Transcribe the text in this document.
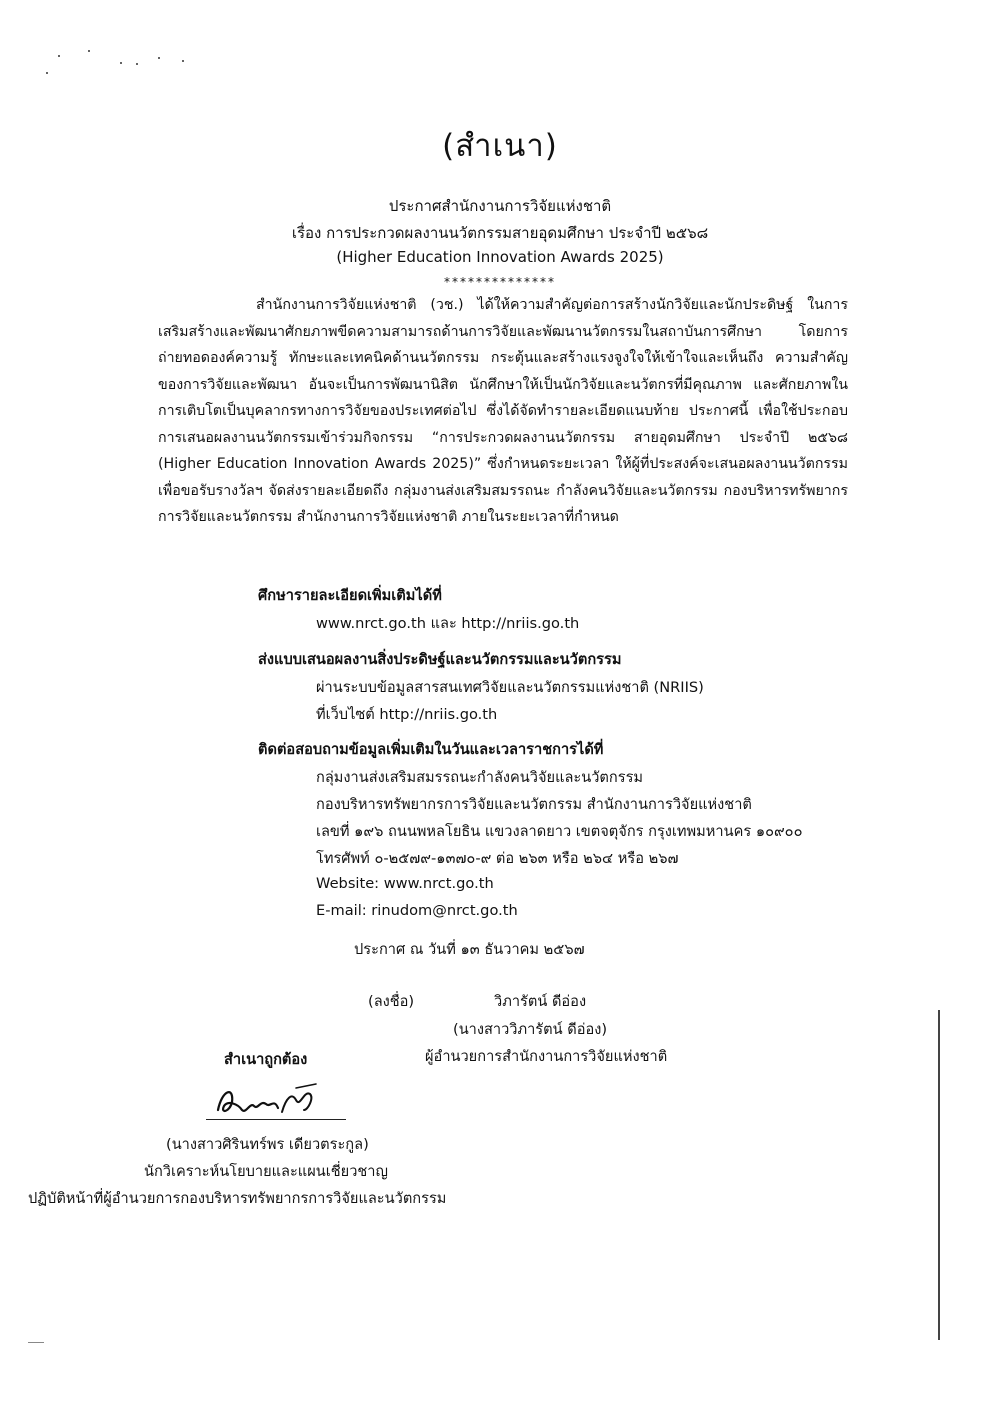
(สำเนา)
ประกาศสำนักงานการวิจัยแห่งชาติ
เรื่อง การประกวดผลงานนวัตกรรมสายอุดมศึกษา ประจำปี ๒๕๖๘
(Higher Education Innovation Awards 2025)
**************

สำนักงานการวิจัยแห่งชาติ (วช.) ได้ให้ความสำคัญต่อการสร้างนักวิจัยและนักประดิษฐ์ ในการเสริมสร้างและพัฒนาศักยภาพขีดความสามารถด้านการวิจัยและพัฒนานวัตกรรมในสถาบันการศึกษา โดยการถ่ายทอดองค์ความรู้ ทักษะและเทคนิคด้านนวัตกรรม กระตุ้นและสร้างแรงจูงใจให้เข้าใจและเห็นถึง ความสำคัญของการวิจัยและพัฒนา อันจะเป็นการพัฒนานิสิต นักศึกษาให้เป็นนักวิจัยและนวัตกรที่มีคุณภาพ และศักยภาพในการเติบโตเป็นบุคลากรทางการวิจัยของประเทศต่อไป ซึ่งได้จัดทำรายละเอียดแนบท้าย ประกาศนี้ เพื่อใช้ประกอบการเสนอผลงานนวัตกรรมเข้าร่วมกิจกรรม “การประกวดผลงานนวัตกรรม สายอุดมศึกษา ประจำปี ๒๕๖๘ (Higher Education Innovation Awards 2025)” ซึ่งกำหนดระยะเวลา ให้ผู้ที่ประสงค์จะเสนอผลงานนวัตกรรมเพื่อขอรับรางวัลฯ จัดส่งรายละเอียดถึง กลุ่มงานส่งเสริมสมรรถนะ กำลังคนวิจัยและนวัตกรรม กองบริหารทรัพยากรการวิจัยและนวัตกรรม สำนักงานการวิจัยแห่งชาติ ภายในระยะเวลาที่กำหนด

ศึกษารายละเอียดเพิ่มเติมได้ที่
www.nrct.go.th และ http://nriis.go.th
ส่งแบบเสนอผลงานสิ่งประดิษฐ์และนวัตกรรมและนวัตกรรม
ผ่านระบบข้อมูลสารสนเทศวิจัยและนวัตกรรมแห่งชาติ (NRIIS)
ที่เว็บไซต์ http://nriis.go.th
ติดต่อสอบถามข้อมูลเพิ่มเติมในวันและเวลาราชการได้ที่
กลุ่มงานส่งเสริมสมรรถนะกำลังคนวิจัยและนวัตกรรม
กองบริหารทรัพยากรการวิจัยและนวัตกรรม สำนักงานการวิจัยแห่งชาติ
เลขที่ ๑๙๖ ถนนพหลโยธิน แขวงลาดยาว เขตจตุจักร กรุงเทพมหานคร ๑๐๙๐๐
โทรศัพท์ ๐-๒๕๗๙-๑๓๗๐-๙ ต่อ ๒๖๓ หรือ ๒๖๔ หรือ ๒๖๗
Website: www.nrct.go.th
E-mail: rinudom@nrct.go.th
ประกาศ ณ วันที่ ๑๓ ธันวาคม ๒๕๖๗
(ลงชื่อ)	วิภารัตน์ ดีอ่อง
(นางสาววิภารัตน์ ดีอ่อง)
ผู้อำนวยการสำนักงานการวิจัยแห่งชาติ
สำเนาถูกต้อง
(นางสาวศิรินทร์พร เดียวตระกูล)
นักวิเคราะห์นโยบายและแผนเชี่ยวชาญ
ปฏิบัติหน้าที่ผู้อำนวยการกองบริหารทรัพยากรการวิจัยและนวัตกรรม
